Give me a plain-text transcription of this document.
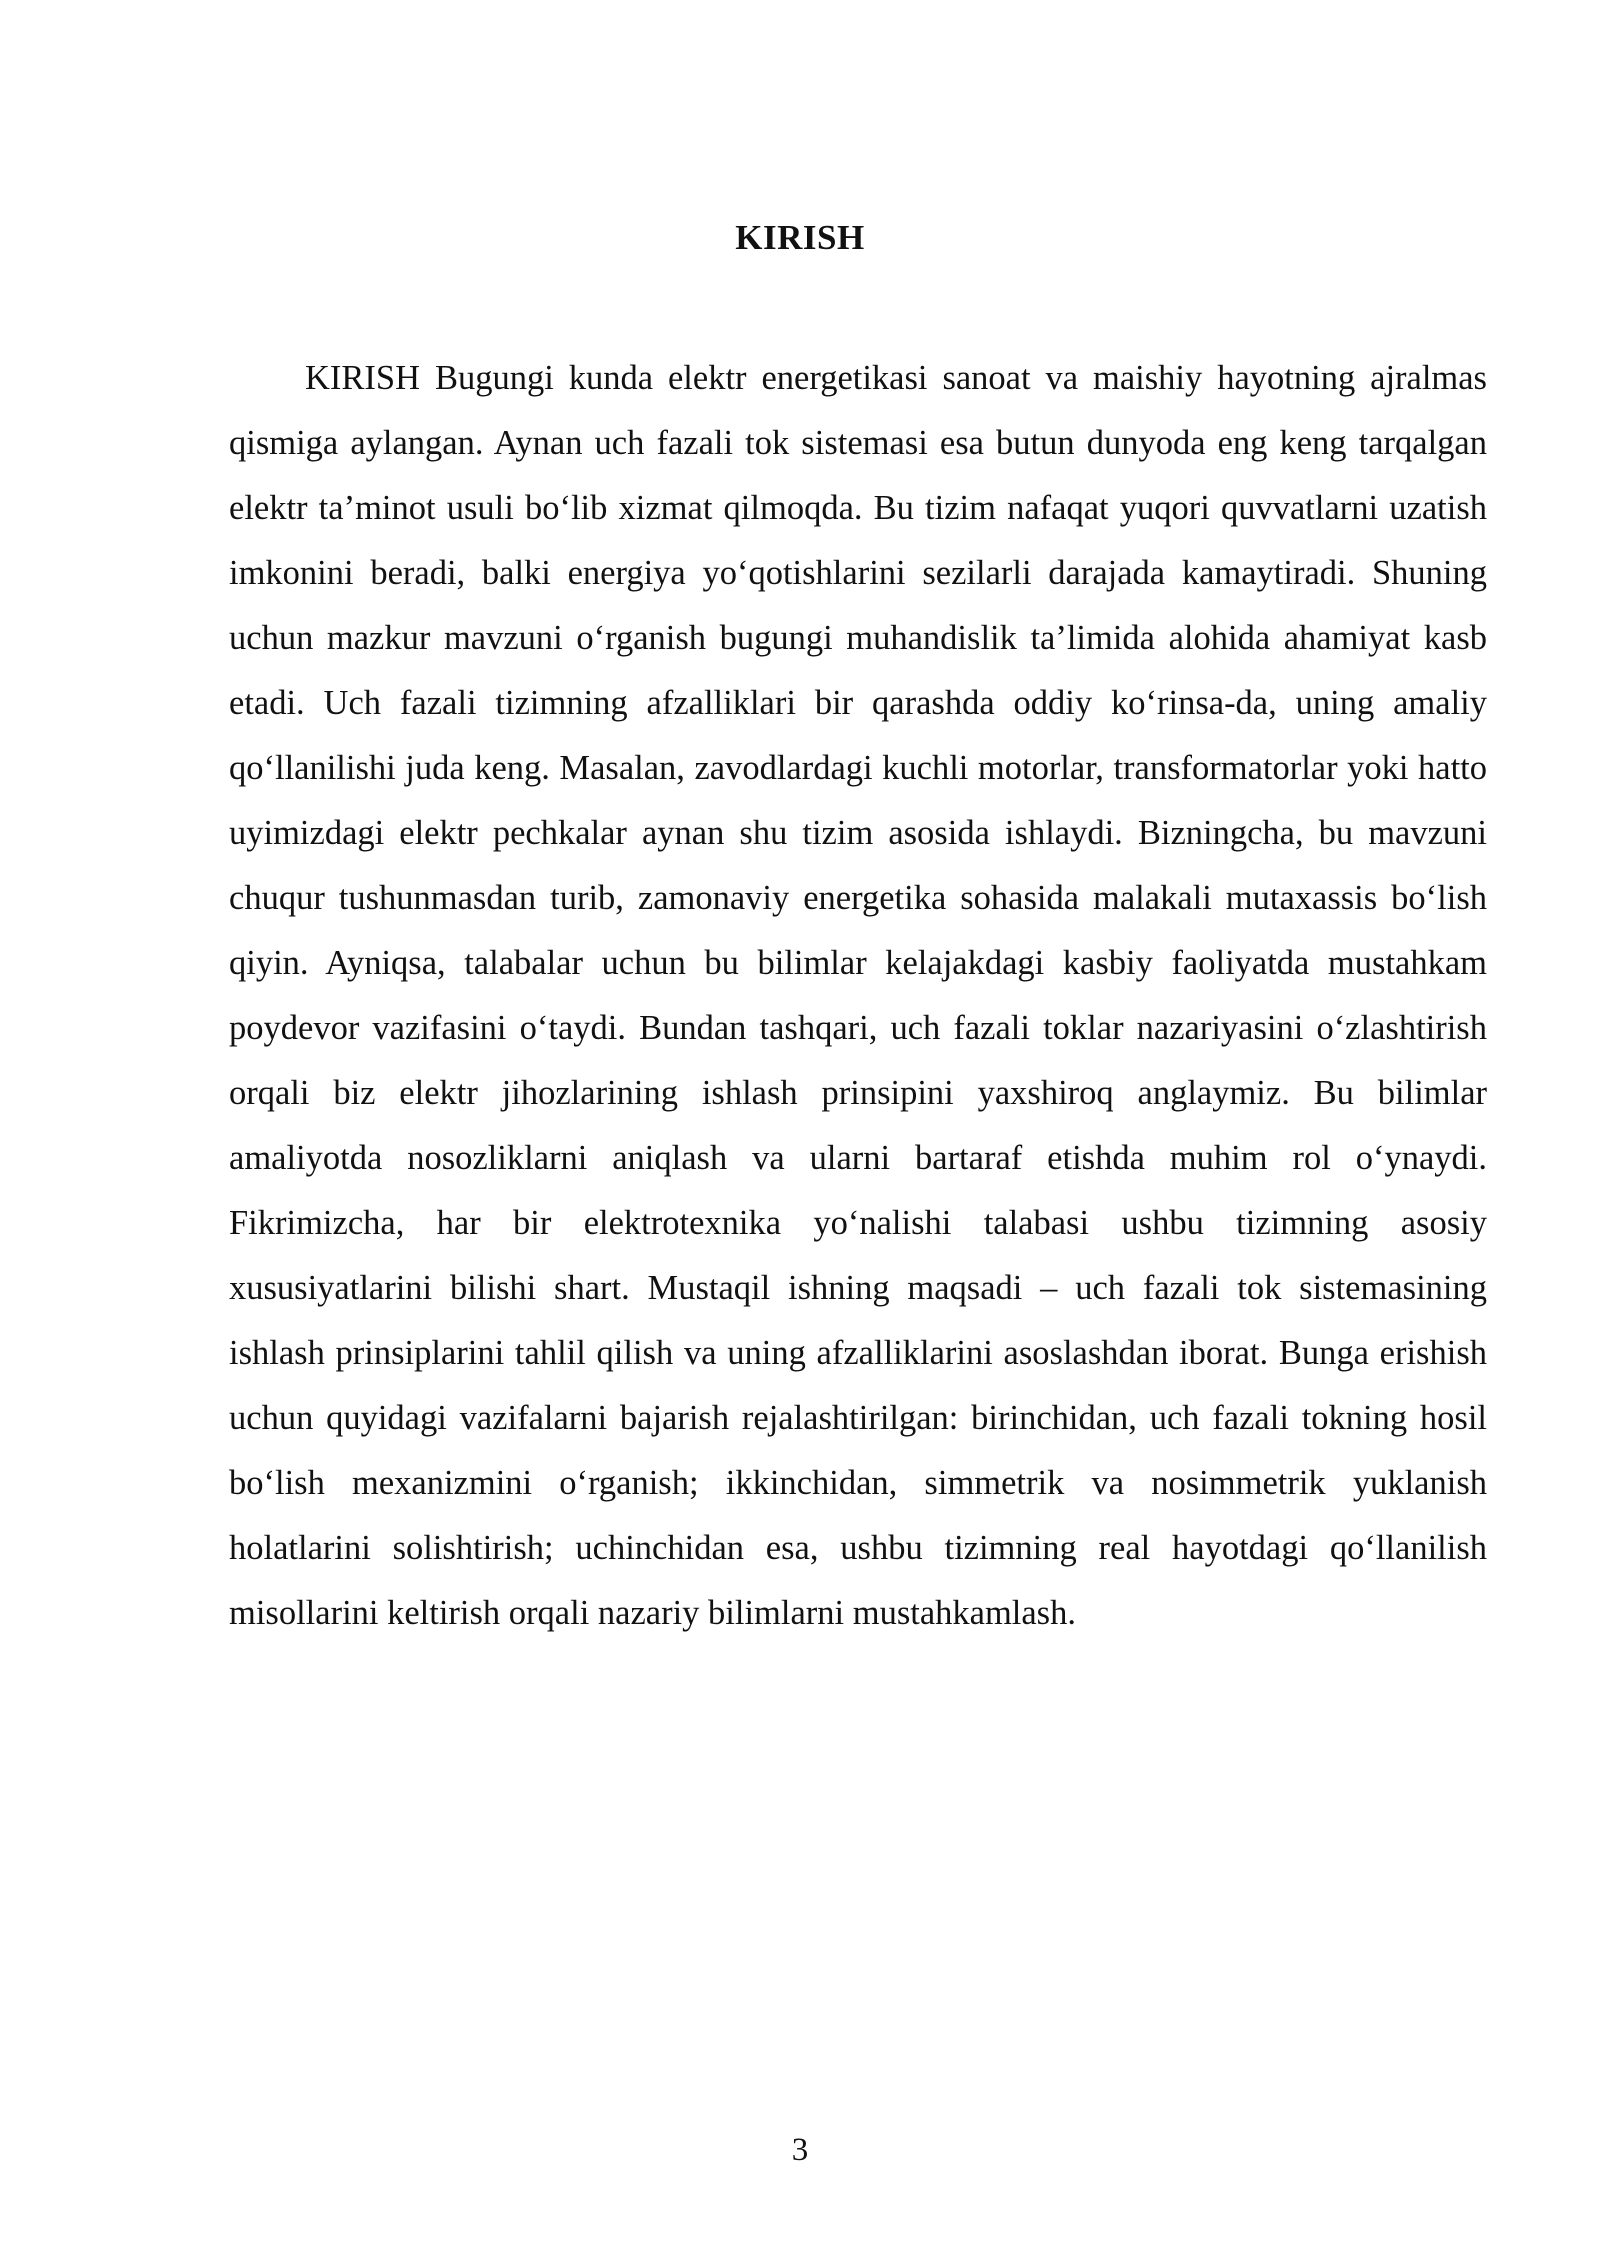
KIRISH

KIRISH Bugungi kunda elektr energetikasi sanoat va maishiy hayotning ajralmas qismiga aylangan. Aynan uch fazali tok sistemasi esa butun dunyoda eng keng tarqalgan elektr ta’minot usuli bo‘lib xizmat qilmoqda. Bu tizim nafaqat yuqori quvvatlarni uzatish imkonini beradi, balki energiya yo‘qotishlarini sezilarli darajada kamaytiradi. Shuning uchun mazkur mavzuni o‘rganish bugungi muhandislik ta’limida alohida ahamiyat kasb etadi. Uch fazali tizimning afzalliklari bir qarashda oddiy ko‘rinsa-da, uning amaliy qo‘llanilishi juda keng. Masalan, zavodlardagi kuchli motorlar, transformatorlar yoki hatto uyimizdagi elektr pechkalar aynan shu tizim asosida ishlaydi. Bizningcha, bu mavzuni chuqur tushunmasdan turib, zamonaviy energetika sohasida malakali mutaxassis bo‘lish qiyin. Ayniqsa, talabalar uchun bu bilimlar kelajakdagi kasbiy faoliyatda mustahkam poydevor vazifasini o‘taydi. Bundan tashqari, uch fazali toklar nazariyasini o‘zlashtirish orqali biz elektr jihozlarining ishlash prinsipini yaxshiroq anglaymiz. Bu bilimlar amaliyotda nosozliklarni aniqlash va ularni bartaraf etishda muhim rol o‘ynaydi. Fikrimizcha, har bir elektrotexnika yo‘nalishi talabasi ushbu tizimning asosiy xususiyatlarini bilishi shart. Mustaqil ishning maqsadi – uch fazali tok sistemasining ishlash prinsiplarini tahlil qilish va uning afzalliklarini asoslashdan iborat. Bunga erishish uchun quyidagi vazifalarni bajarish rejalashtirilgan: birinchidan, uch fazali tokning hosil bo‘lish mexanizmini o‘rganish; ikkinchidan, simmetrik va nosimmetrik yuklanish holatlarini solishtirish; uchinchidan esa, ushbu tizimning real hayotdagi qo‘llanilish misollarini keltirish orqali nazariy bilimlarni mustahkamlash.

3
